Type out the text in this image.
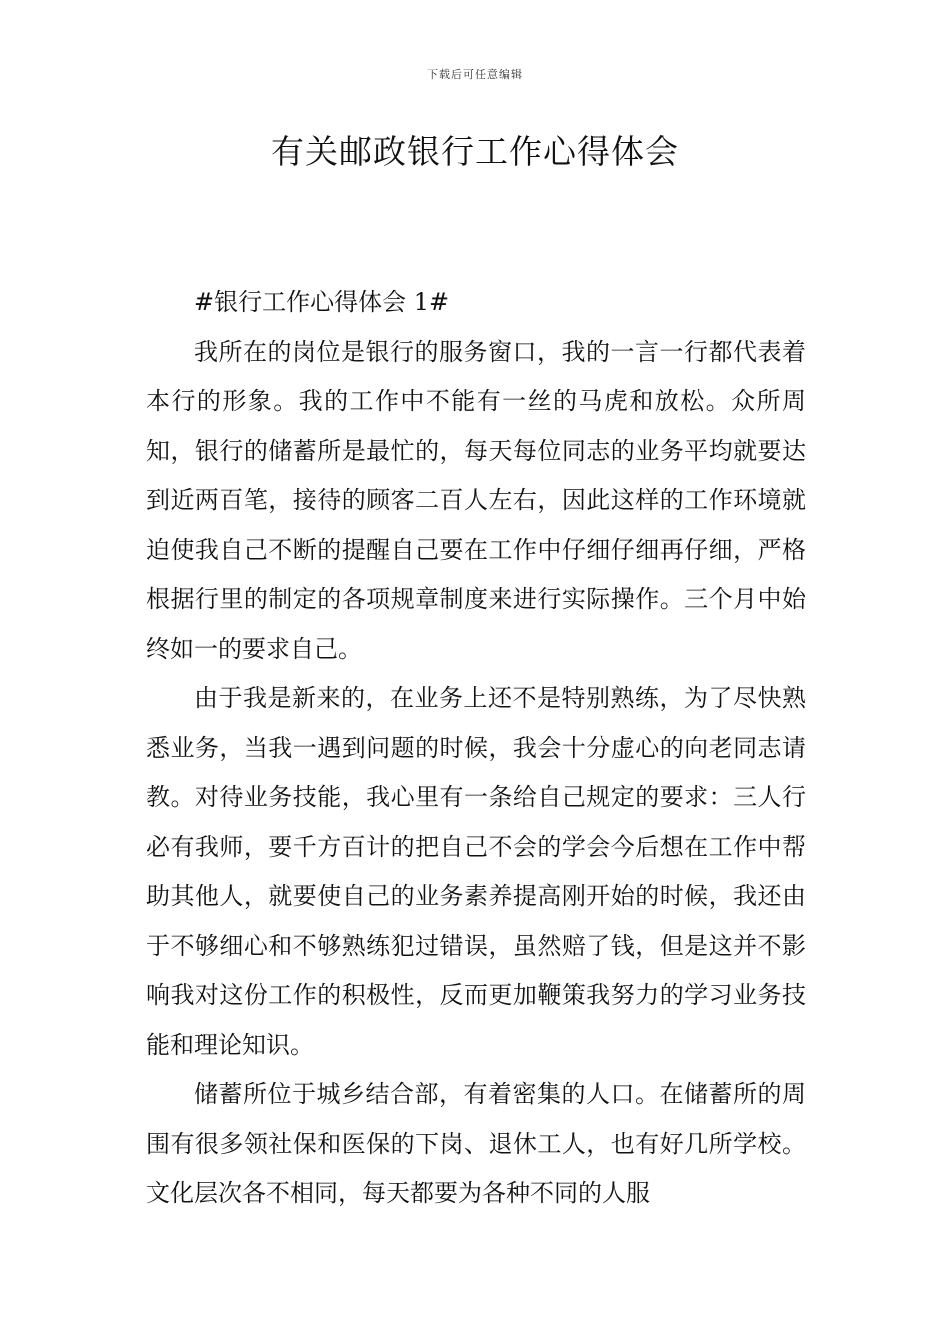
下载后可任意编辑
有关邮政银行工作心得体会

#银行工作心得体会 1#

我所在的岗位是银行的服务窗口，我的一言一行都代表着本行的形象。我的工作中不能有一丝的马虎和放松。众所周知，银行的储蓄所是最忙的，每天每位同志的业务平均就要达到近两百笔，接待的顾客二百人左右，因此这样的工作环境就迫使我自己不断的提醒自己要在工作中仔细仔细再仔细，严格根据行里的制定的各项规章制度来进行实际操作。三个月中始终如一的要求自己。

由于我是新来的，在业务上还不是特别熟练，为了尽快熟悉业务，当我一遇到问题的时候，我会十分虚心的向老同志请教。对待业务技能，我心里有一条给自己规定的要求：三人行必有我师，要千方百计的把自己不会的学会今后想在工作中帮助其他人，就要使自己的业务素养提高刚开始的时候，我还由于不够细心和不够熟练犯过错误，虽然赔了钱，但是这并不影响我对这份工作的积极性，反而更加鞭策我努力的学习业务技能和理论知识。

储蓄所位于城乡结合部，有着密集的人口。在储蓄所的周围有很多领社保和医保的下岗、退休工人，也有好几所学校。文化层次各不相同，每天都要为各种不同的人服
